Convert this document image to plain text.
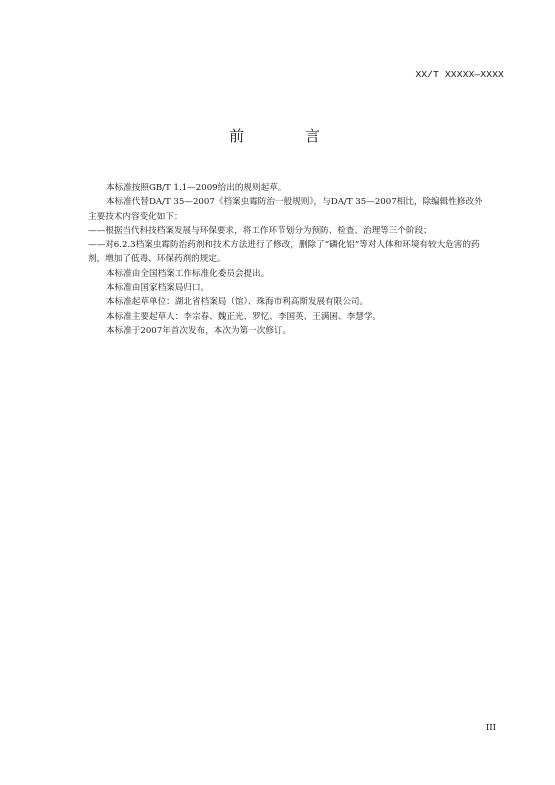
XX/T XXXXX—XXXX
前 言

本标准按照GB/T 1.1—2009给出的规则起草。

本标准代替DA/T 35—2007《档案虫霉防治一般规则》，与DA/T 35—2007相比，除编辑性修改外主要技术内容变化如下：

——根据当代科技档案发展与环保要求，将工作环节划分为预防、检查、治理等三个阶段；

——对6.2.3档案虫霉防治药剂和技术方法进行了修改，删除了“磷化铝”等对人体和环境有较大危害的药剂，增加了低毒、环保药剂的规定。

本标准由全国档案工作标准化委员会提出。

本标准由国家档案局归口。

本标准起草单位：湖北省档案局（馆）、珠海市利高斯发展有限公司。

本标准主要起草人：李宗春、魏正光、罗忆、李国英、王满囷、李慧学。

本标准于2007年首次发布，本次为第一次修订。

III
